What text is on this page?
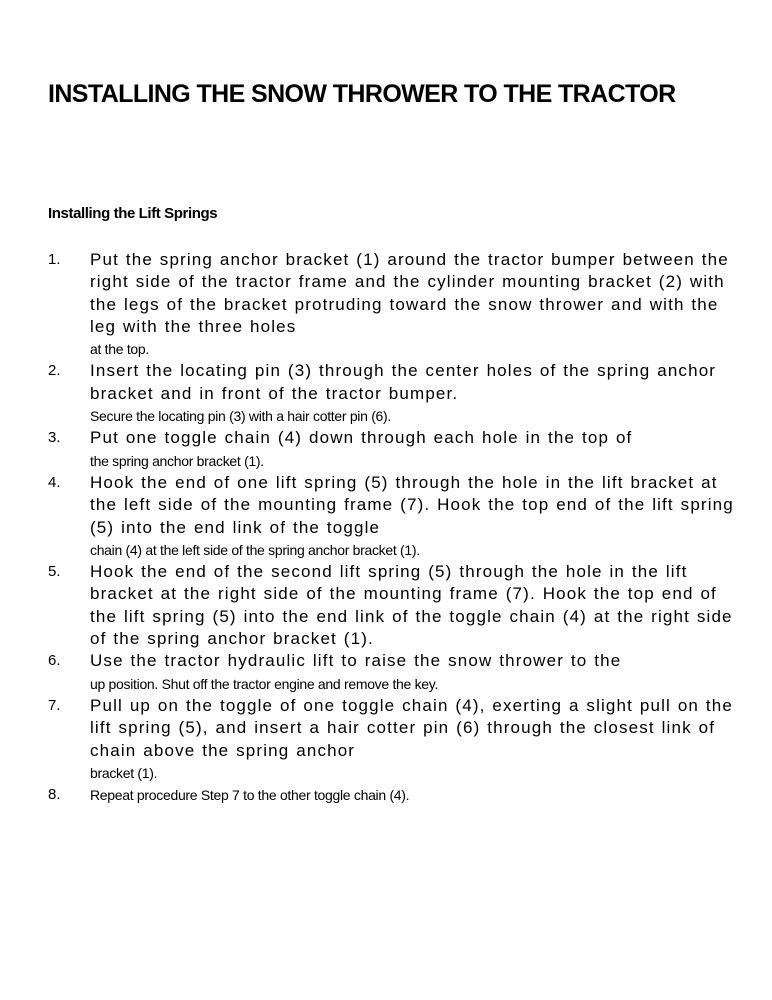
INSTALLING THE SNOW THROWER TO THE TRACTOR
Installing the Lift Springs
1.	Put the spring anchor bracket (1) around the tractor bumper between the right side of the tractor frame and the cylinder mounting bracket (2) with the legs of the bracket protruding toward the snow thrower and with the leg with the three holes
at the top.
2.	Insert the locating pin (3) through the center holes of the spring anchor bracket and in front of the tractor bumper.
Secure the locating pin (3) with a hair cotter pin (6).
3.	Put one toggle chain (4) down through each hole in the top of
the spring anchor bracket (1).
4.	Hook the end of one lift spring (5) through the hole in the lift bracket at the left side of the mounting frame (7). Hook the top end of the lift spring (5) into the end link of the toggle
chain (4) at the left side of the spring anchor bracket (1).
5.	Hook the end of the second lift spring (5) through the hole in the lift bracket at the right side of the mounting frame (7). Hook the top end of the lift spring (5) into the end link of the toggle chain (4) at the right side of the spring anchor bracket (1).
6.	Use the tractor hydraulic lift to raise the snow thrower to the
up position. Shut off the tractor engine and remove the key.
7.	Pull up on the toggle of one toggle chain (4), exerting a slight pull on the lift spring (5), and insert a hair cotter pin (6) through the closest link of chain above the spring anchor
bracket (1).
8.	Repeat procedure Step 7 to the other toggle chain (4).
